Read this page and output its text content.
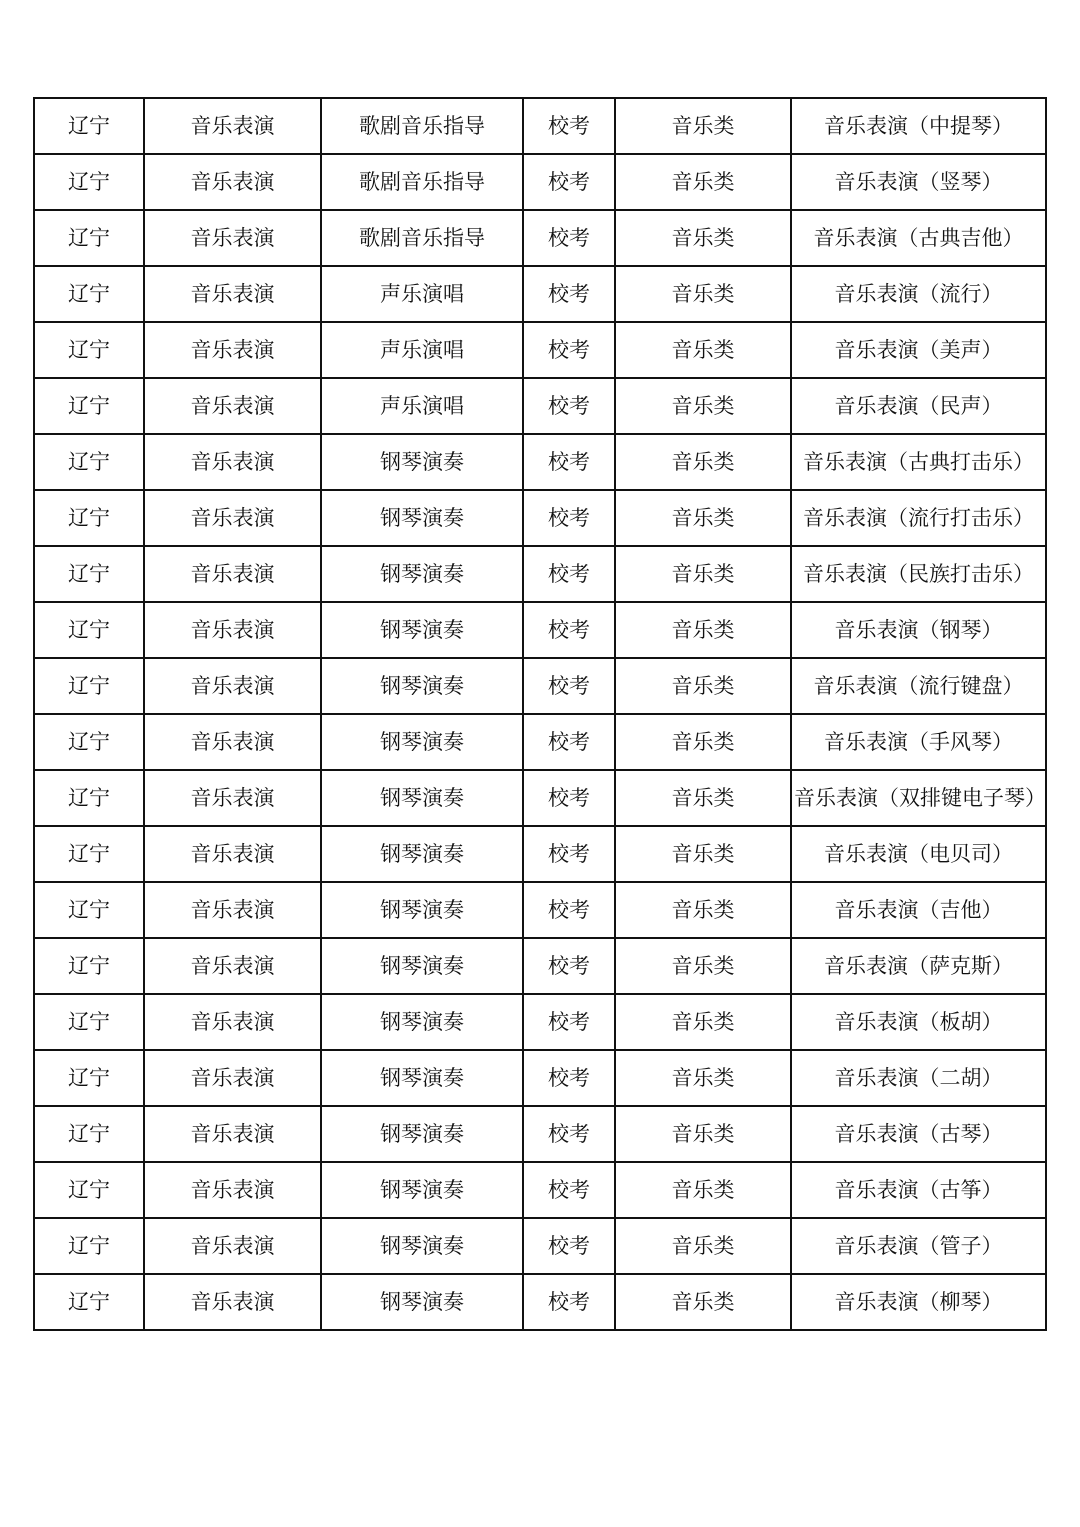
辽宁	音乐表演	歌剧音乐指导	校考	音乐类	音乐表演（中提琴）
辽宁	音乐表演	歌剧音乐指导	校考	音乐类	音乐表演（竖琴）
辽宁	音乐表演	歌剧音乐指导	校考	音乐类	音乐表演（古典吉他）
辽宁	音乐表演	声乐演唱	校考	音乐类	音乐表演（流行）
辽宁	音乐表演	声乐演唱	校考	音乐类	音乐表演（美声）
辽宁	音乐表演	声乐演唱	校考	音乐类	音乐表演（民声）
辽宁	音乐表演	钢琴演奏	校考	音乐类	音乐表演（古典打击乐）
辽宁	音乐表演	钢琴演奏	校考	音乐类	音乐表演（流行打击乐）
辽宁	音乐表演	钢琴演奏	校考	音乐类	音乐表演（民族打击乐）
辽宁	音乐表演	钢琴演奏	校考	音乐类	音乐表演（钢琴）
辽宁	音乐表演	钢琴演奏	校考	音乐类	音乐表演（流行键盘）
辽宁	音乐表演	钢琴演奏	校考	音乐类	音乐表演（手风琴）
辽宁	音乐表演	钢琴演奏	校考	音乐类	音乐表演（双排键电子琴）
辽宁	音乐表演	钢琴演奏	校考	音乐类	音乐表演（电贝司）
辽宁	音乐表演	钢琴演奏	校考	音乐类	音乐表演（吉他）
辽宁	音乐表演	钢琴演奏	校考	音乐类	音乐表演（萨克斯）
辽宁	音乐表演	钢琴演奏	校考	音乐类	音乐表演（板胡）
辽宁	音乐表演	钢琴演奏	校考	音乐类	音乐表演（二胡）
辽宁	音乐表演	钢琴演奏	校考	音乐类	音乐表演（古琴）
辽宁	音乐表演	钢琴演奏	校考	音乐类	音乐表演（古筝）
辽宁	音乐表演	钢琴演奏	校考	音乐类	音乐表演（管子）
辽宁	音乐表演	钢琴演奏	校考	音乐类	音乐表演（柳琴）
